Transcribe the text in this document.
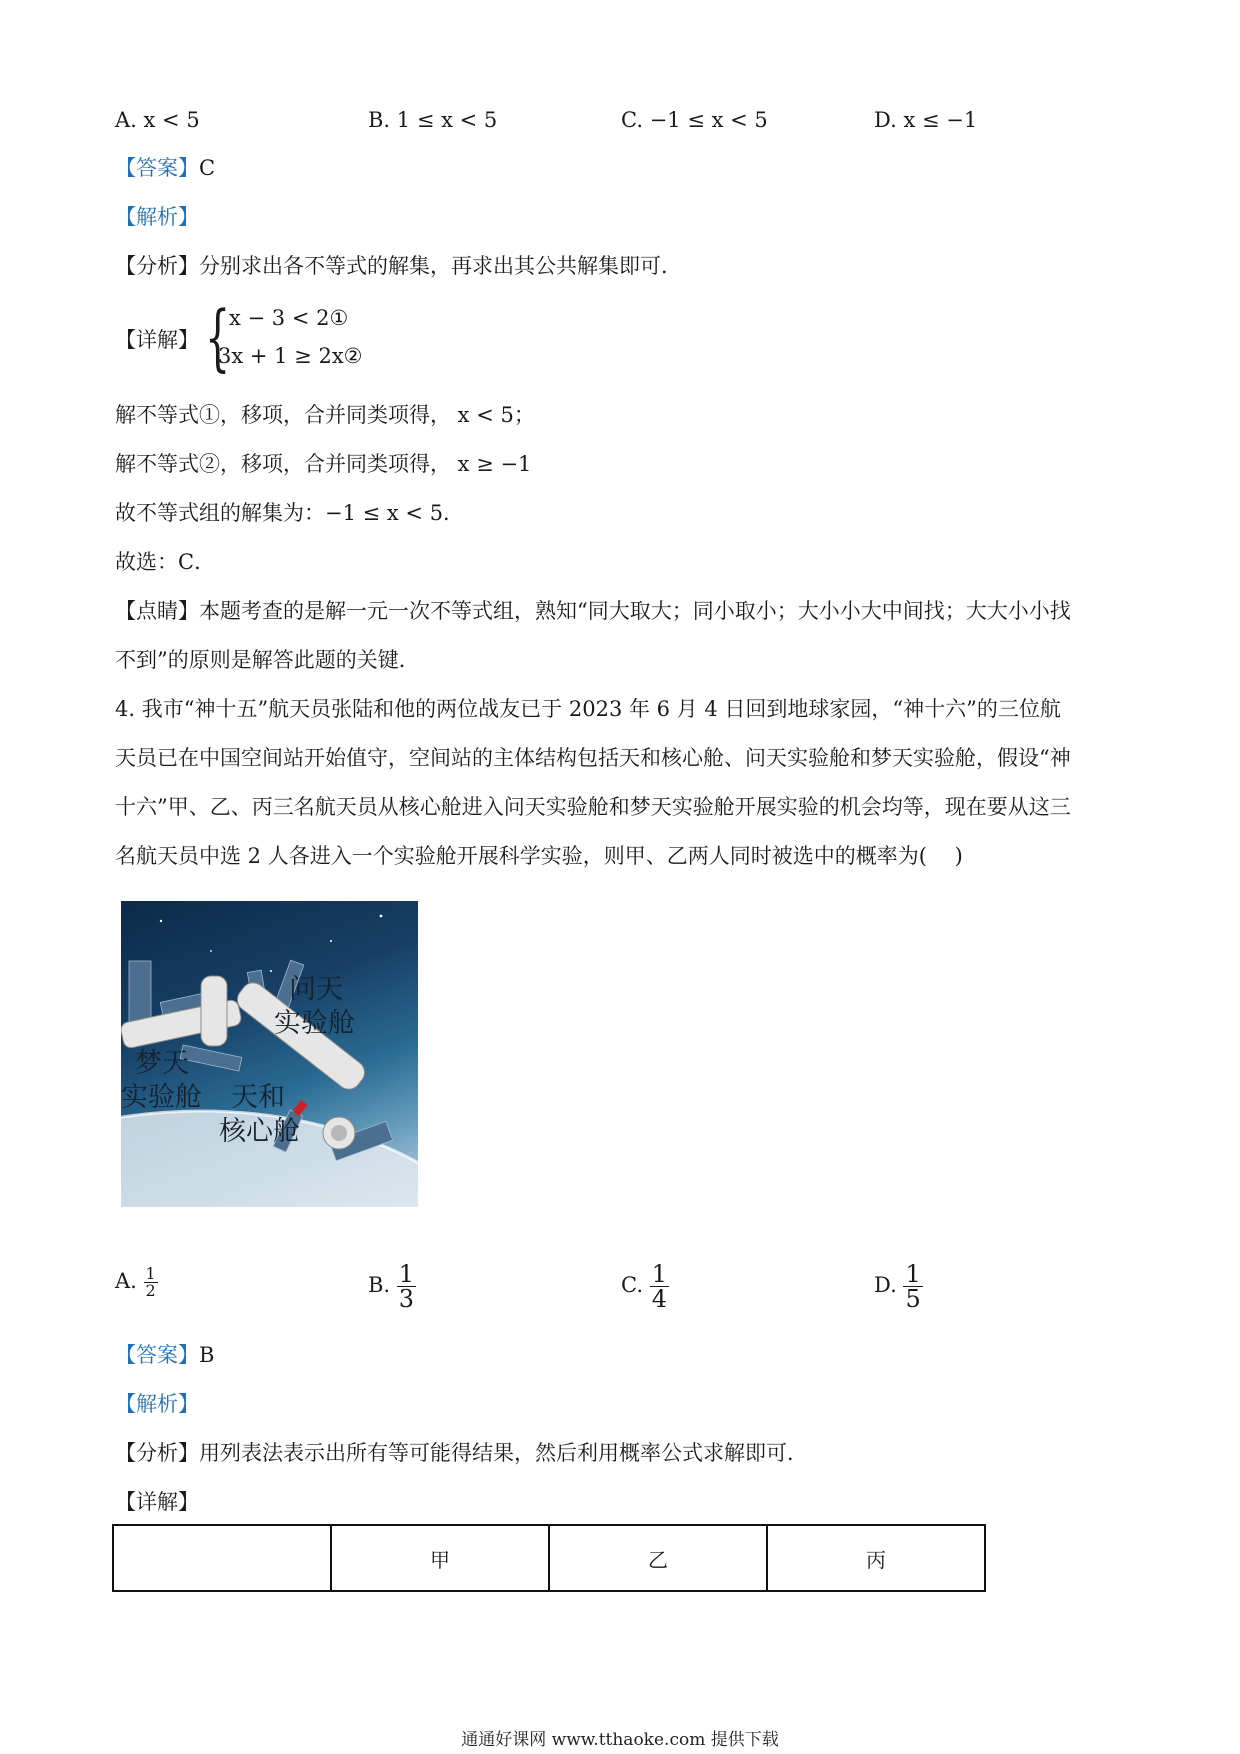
A. x < 5	B. 1 ≤ x < 5	C. −1 ≤ x < 5	D. x ≤ −1
【答案】C
【解析】
【分析】分别求出各不等式的解集，再求出其公共解集即可．
【详解】 {
x − 3 < 2①
3x + 1 ≥ 2x②
解不等式①，移项，合并同类项得， x < 5；
解不等式②，移项，合并同类项得， x ≥ −1
故不等式组的解集为：−1 ≤ x < 5．
故选：C．
【点睛】本题考查的是解一元一次不等式组，熟知“同大取大；同小取小；大小小大中间找；大大小小找
不到”的原则是解答此题的关键．
4. 我市“神十五”航天员张陆和他的两位战友已于 2023 年 6 月 4 日回到地球家园，“神十六”的三位航
天员已在中国空间站开始值守，空间站的主体结构包括天和核心舱、问天实验舱和梦天实验舱，假设“神
十六”甲、乙、丙三名航天员从核心舱进入问天实验舱和梦天实验舱开展实验的机会均等，现在要从这三
名航天员中选 2 人各进入一个实验舱开展科学实验，则甲、乙两人同时被选中的概率为(　 )
问天
实验舱
梦天
实验舱 天和
核心舱
A. $\frac{1}{2}$	B. $\frac{1}{3}$	C. $\frac{1}{4}$	D. $\frac{1}{5}$
【答案】B
【解析】
【分析】用列表法表示出所有等可能得结果，然后利用概率公式求解即可．
【详解】
	甲	乙	丙
通通好课网 www.tthaoke.com 提供下载
